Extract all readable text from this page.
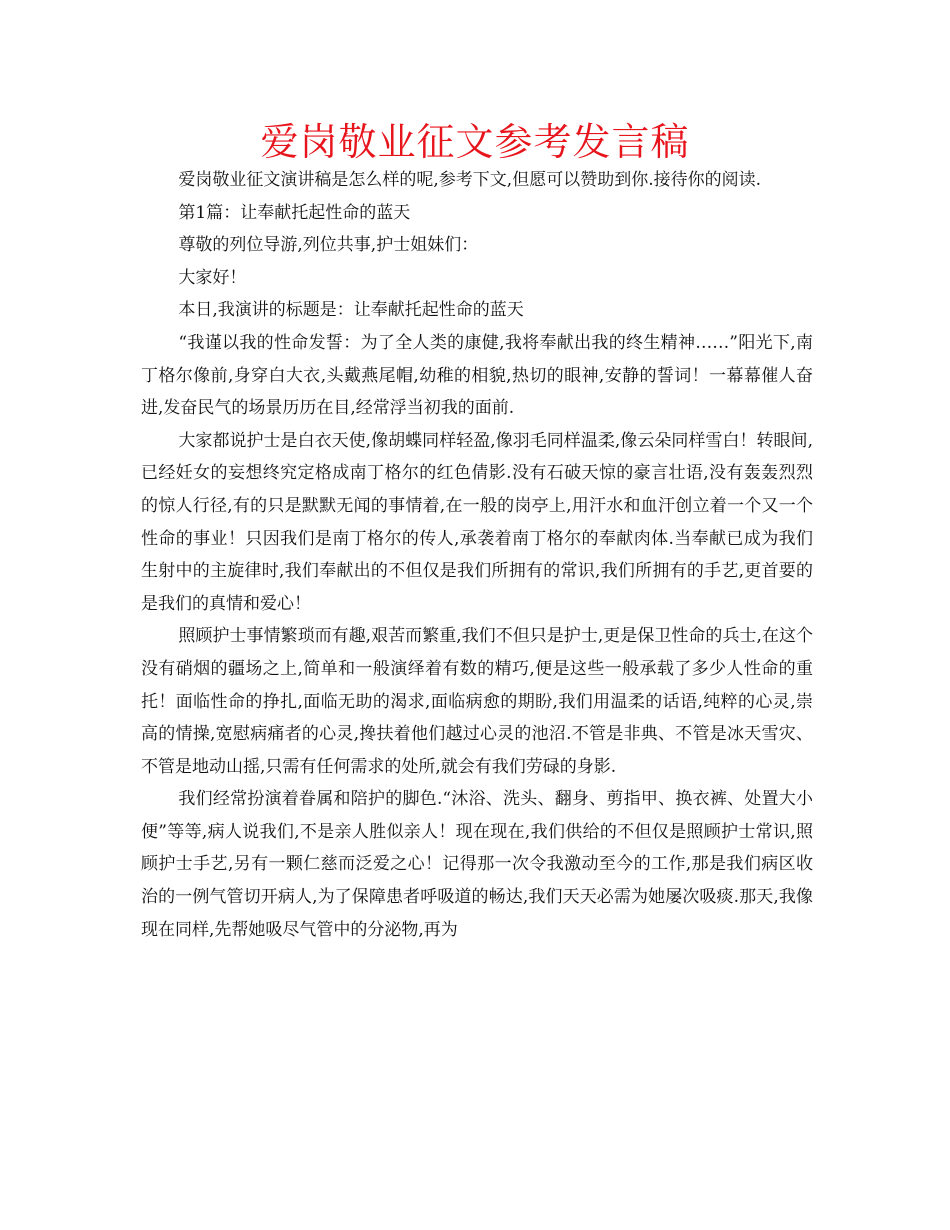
爱岗敬业征文参考发言稿

爱岗敬业征文演讲稿是怎么样的呢,参考下文,但愿可以赞助到你.接待你的阅读.

第1篇：让奉献托起性命的蓝天

尊敬的列位导游,列位共事,护士姐妹们：

大家好！

本日,我演讲的标题是：让奉献托起性命的蓝天

“我谨以我的性命发誓：为了全人类的康健,我将奉献出我的终生精神……”阳光下,南丁格尔像前,身穿白大衣,头戴燕尾帽,幼稚的相貌,热切的眼神,安静的誓词！一幕幕催人奋进,发奋民气的场景历历在目,经常浮当初我的面前.

大家都说护士是白衣天使,像胡蝶同样轻盈,像羽毛同样温柔,像云朵同样雪白！转眼间,已经妊女的妄想终究定格成南丁格尔的红色倩影.没有石破天惊的豪言壮语,没有轰轰烈烈的惊人行径,有的只是默默无闻的事情着,在一般的岗亭上,用汗水和血汗创立着一个又一个性命的事业！只因我们是南丁格尔的传人,承袭着南丁格尔的奉献肉体.当奉献已成为我们生射中的主旋律时,我们奉献出的不但仅是我们所拥有的常识,我们所拥有的手艺,更首要的是我们的真情和爱心！

照顾护士事情繁琐而有趣,艰苦而繁重,我们不但只是护士,更是保卫性命的兵士,在这个没有硝烟的疆场之上,简单和一般演绎着有数的精巧,便是这些一般承载了多少人性命的重托！面临性命的挣扎,面临无助的渴求,面临病愈的期盼,我们用温柔的话语,纯粹的心灵,崇高的情操,宽慰病痛者的心灵,搀扶着他们越过心灵的池沼.不管是非典、不管是冰天雪灾、不管是地动山摇,只需有任何需求的处所,就会有我们劳碌的身影.

我们经常扮演着眷属和陪护的脚色.“沐浴、洗头、翻身、剪指甲、换衣裤、处置大小便”等等,病人说我们,不是亲人胜似亲人！现在现在,我们供给的不但仅是照顾护士常识,照顾护士手艺,另有一颗仁慈而泛爱之心！记得那一次令我激动至今的工作,那是我们病区收治的一例气管切开病人,为了保障患者呼吸道的畅达,我们天天必需为她屡次吸痰.那天,我像现在同样,先帮她吸尽气管中的分泌物,再为
